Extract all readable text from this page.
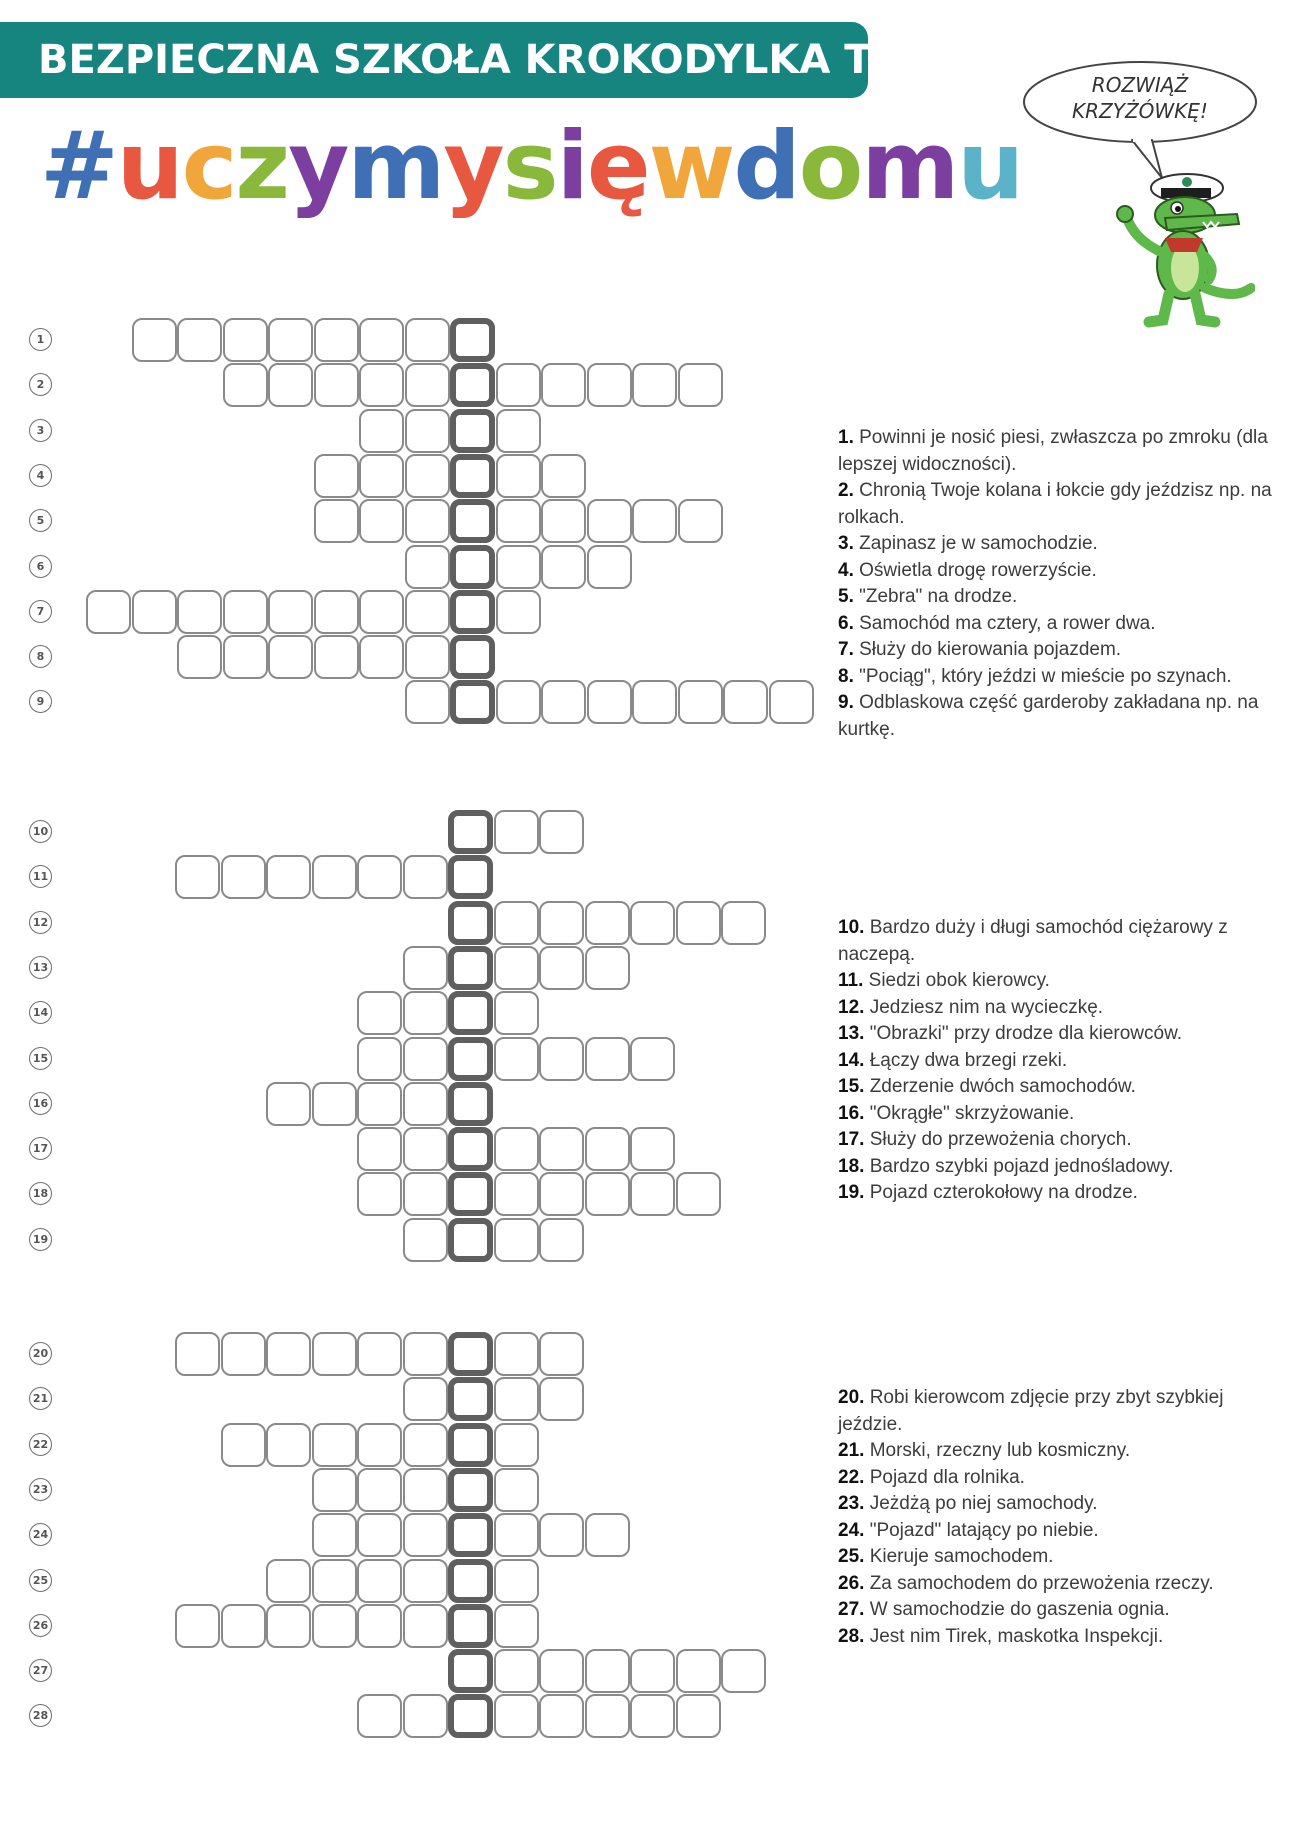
BEZPIECZNA SZKOŁA KROKODYLKA TIRKA
#uczymysięwdomu
ROZWIĄŻ
KRZYŻÓWKĘ!
1
2
3
4
5
6
7
8
9

1. Powinni je nosić piesi, zwłaszcza po zmroku (dla lepszej widoczności).

2. Chronią Twoje kolana i łokcie gdy jeździsz np. na rolkach.

3. Zapinasz je w samochodzie.

4. Oświetla drogę rowerzyście.

5. "Zebra" na drodze.

6. Samochód ma cztery, a rower dwa.

7. Służy do kierowania pojazdem.

8. "Pociąg", który jeździ w mieście po szynach.

9. Odblaskowa część garderoby zakładana np. na kurtkę.

10
11
12
13
14
15
16
17
18
19

10. Bardzo duży i długi samochód ciężarowy z naczepą.

11. Siedzi obok kierowcy.

12. Jedziesz nim na wycieczkę.

13. "Obrazki" przy drodze dla kierowców.

14. Łączy dwa brzegi rzeki.

15. Zderzenie dwóch samochodów.

16. "Okrągłe" skrzyżowanie.

17. Służy do przewożenia chorych.

18. Bardzo szybki pojazd jednośladowy.

19. Pojazd czterokołowy na drodze.

20
21
22
23
24
25
26
27
28

20. Robi kierowcom zdjęcie przy zbyt szybkiej jeździe.

21. Morski, rzeczny lub kosmiczny.

22. Pojazd dla rolnika.

23. Jeżdżą po niej samochody.

24. "Pojazd" latający po niebie.

25. Kieruje samochodem.

26. Za samochodem do przewożenia rzeczy.

27. W samochodzie do gaszenia ognia.

28. Jest nim Tirek, maskotka Inspekcji.
